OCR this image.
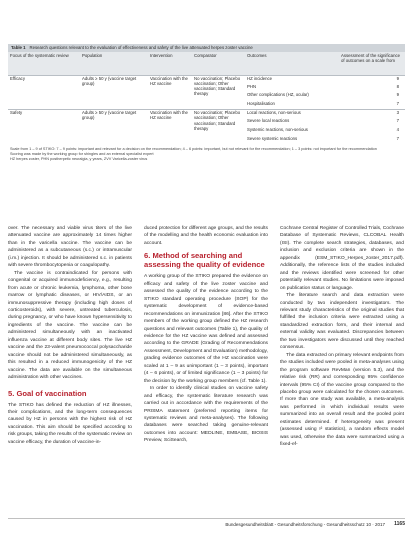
Table 1 Research questions relevant to the evaluation of effectiveness and safety of the live attenuated herpes zoster vaccine
Focus of the systematic review	Population	Intervention	Comparator	Outcomes	Assessment of the significance of outcomes on a scale from
Efficacy	Adults ≥ 50 y (vaccine target group)	Vaccination with the HZ vaccine	No vaccination; Placebo vaccination; Other vaccination; Standard therapy	HZ incidence	9
				PHN	8
				Other complications (HZ, ocular)	9
				Hospitalisation	7
Safety	Adults ≥ 50 y (vaccine target group)	Vaccination with the HZ vaccine	No vaccination; Placebo vaccination; Other vaccination; Standard therapy	Local reactions, non-serious	3
				Severe local reactions	7
				Systemic reactions, non-serious	4
				Severe systemic reactions	7
Scale from 1 – 9 of STIKO: 7 – 9 points: important and relevant for a decision on the recommendation; 4 – 6 points: important, but not relevant for the recommendation; 1 – 3 points: not important for the recommendation
Scoring was made by the working group for shingles and an external specialist expert
HZ herpes zoster, PHN postherpetic neuralgia, y years, ZVV Varicella-zoster virus

over. The necessary and viable virus titers of the live attenuated vaccine are approximately 14 times higher than in the varicella vaccine. The vaccine can be administered as a subcutaneous (s.c.) or intramuscular (i.m.) injection. It should be administered s.c. in patients with severe thrombocytopenia or coagulopathy.

The vaccine is contraindicated for persons with congenital or acquired immunodeficiency, e.g., resulting from acute or chronic leukemia, lymphoma, other bone marrow or lymphatic diseases, or HIV/AIDS, or an immunosuppressive therapy (including high doses of corticosteroids), with severe, untreated tuberculosis, during pregnancy, or who have known hypersensitivity to ingredients of the vaccine. The vaccine can be administered simultaneously with an inactivated influenza vaccine at different body sites. The live HZ vaccine and the 23-valent pneumococcal polysaccharide vaccine should not be administered simultaneously, as this resulted in a reduced immunogenicity of the HZ vaccine. The data are available on the simultaneous administration with other vaccines.

5. Goal of vaccination

The STIKO has defined the reduction of HZ illnesses, their complications, and the long-term consequences caused by HZ in persons with the highest risk of HZ vaccination. This aim should be specified according to risk groups, taking the results of the systematic review on vaccine efficacy, the duration of vaccine-in-

duced protection for different age groups, and the results of the modelling and the health economic evaluation into account.

6. Method of searching and assessing the quality of evidence

A working group of the STIKO prepared the evidence on efficacy and safety of the live zoster vaccine and assessed the quality of the evidence according to the STIKO standard operating procedure (SOP) for the systematic development of evidence-based recommendations on immunization [86]. After the STIKO members of the working group defined the HZ research questions and relevant outcomes (Table 1), the quality of evidence for the HZ vaccine was defined and assessed according to the GRADE (Grading of Recommendations Assessment, Development and Evaluation) methodology, grading evidence outcomes of the HZ vaccination were scaled at 1 – 9 as unimportant (1 – 3 points), important (4 – 6 points), or of limited significance (1 – 3 points) for the decision by the working group members (cf. Table 1).

In order to identify clinical studies on vaccine safety and efficacy, the systematic literature research was carried out in accordance with the requirements of the PRISMA statement (preferred reporting items for systematic reviews and meta-analyses). The following databases were searched taking genuine-relevant outcomes into account: MEDLINE, EMBASE, BIOSIS Preview, SciSearch,

Cochrane Central Register of Controlled Trials, Cochrane Database of Systematic Reviews, CLCOBAL Health (ISI). The complete search strategies, databases, and inclusion and exclusion criteria are shown in the appendix (ESM_STIKO_Herpes_zoster_2017.pdf). Additionally, the reference lists of the studies included and the reviews identified were screened for other potentially relevant studies. No limitations were imposed on publication status or language.

The literature search and data extraction were conducted by two independent investigators. The relevant study characteristics of the original studies that fulfilled the inclusion criteria were extracted using a standardized extraction form, and their internal and external validity was evaluated. Discrepancies between the two investigators were discussed until they reached consensus.

The data extracted on primary relevant endpoints from the studies included were pooled in meta-analyses using the program software RevMan (version 5.3), and the relative risk (RR) and corresponding 95% confidence intervals (95% CI) of the vaccine group compared to the placebo group were calculated for the chosen outcomes. If more than one study was available, a meta-analysis was performed in which individual results were summarized into an overall result and the pooled point estimates determined. If heterogeneity was present (assessed using I² statistics), a random effects model was used, otherwise the data were summarized using a fixed-ef-

Bundesgesundheitsblatt - Gesundheitsforschung - Gesundheitsschutz 10 · 2017 1165
